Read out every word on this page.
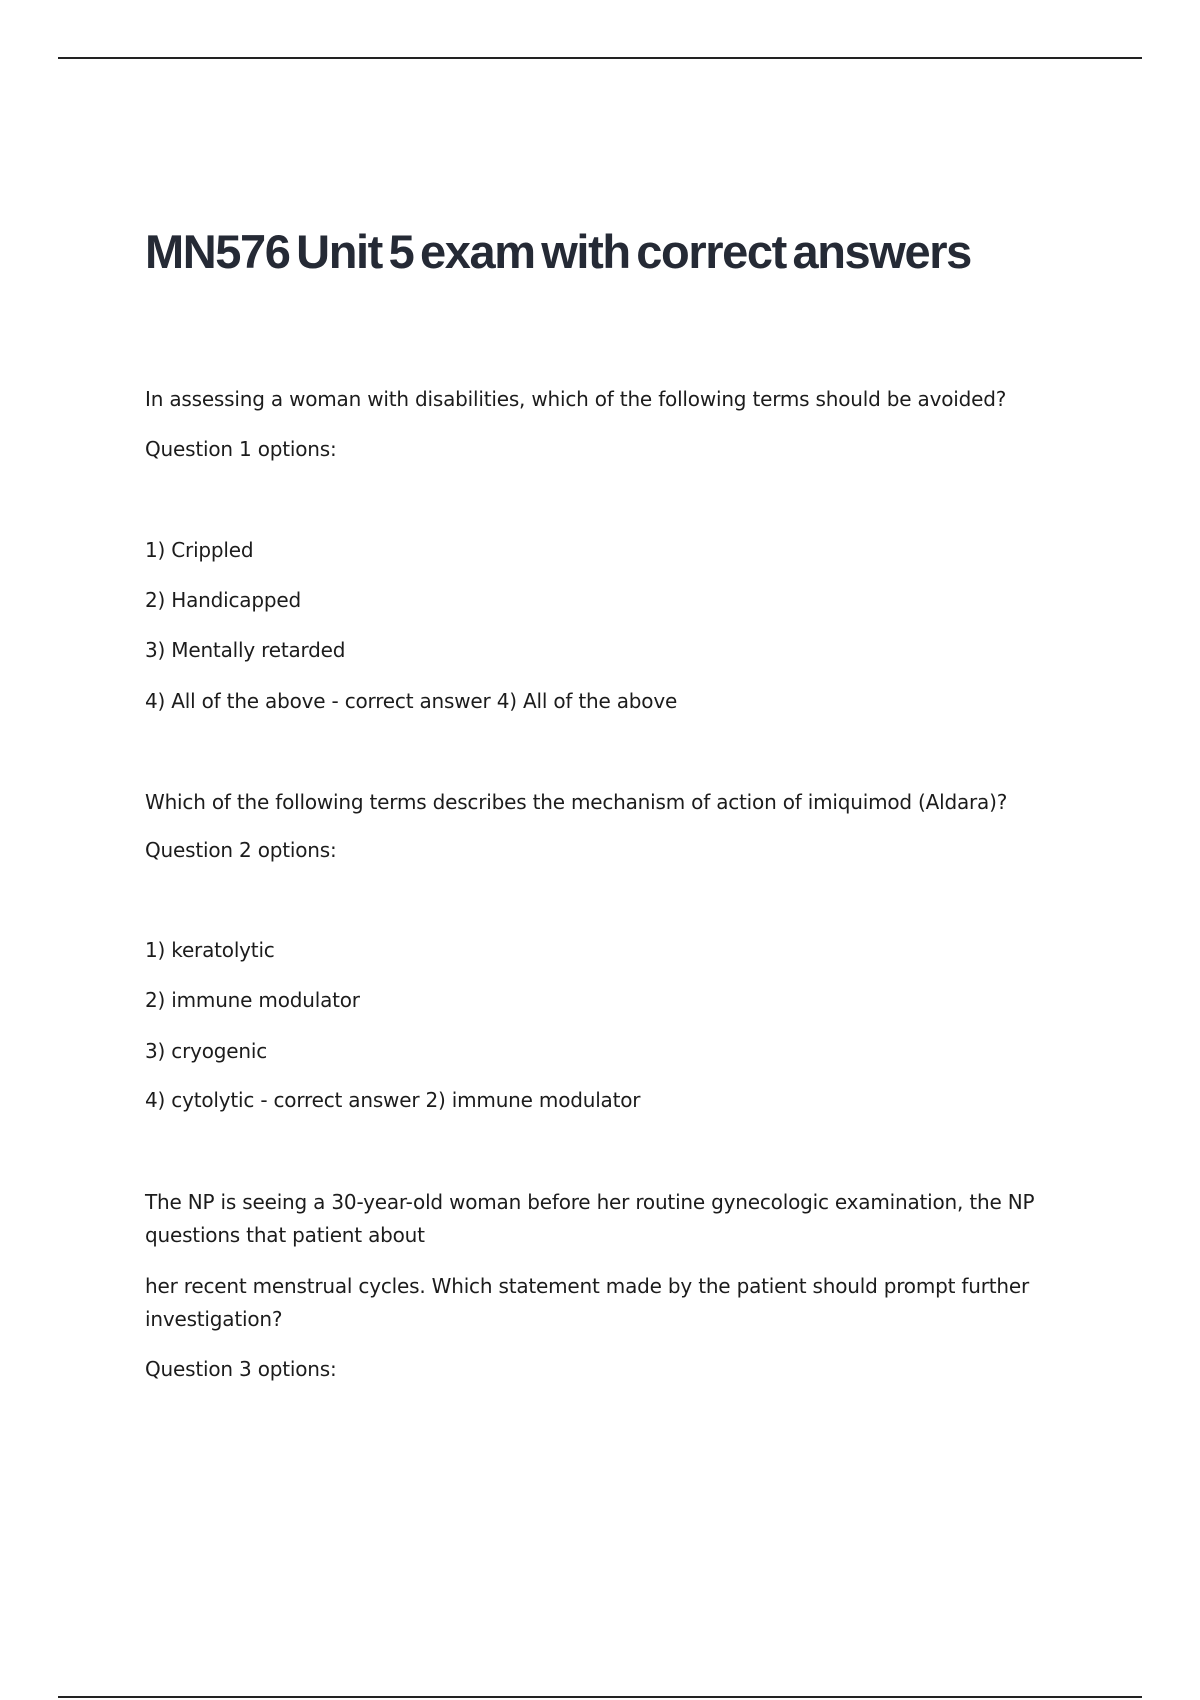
MN576 Unit 5 exam with correct answers
In assessing a woman with disabilities, which of the following terms should be avoided?
Question 1 options:
1) Crippled
2) Handicapped
3) Mentally retarded
4) All of the above - correct answer 4) All of the above
Which of the following terms describes the mechanism of action of imiquimod (Aldara)?
Question 2 options:
1) keratolytic
2) immune modulator
3) cryogenic
4) cytolytic - correct answer 2) immune modulator
The NP is seeing a 30-year-old woman before her routine gynecologic examination, the NP questions that patient about
her recent menstrual cycles. Which statement made by the patient should prompt further investigation?
Question 3 options:
